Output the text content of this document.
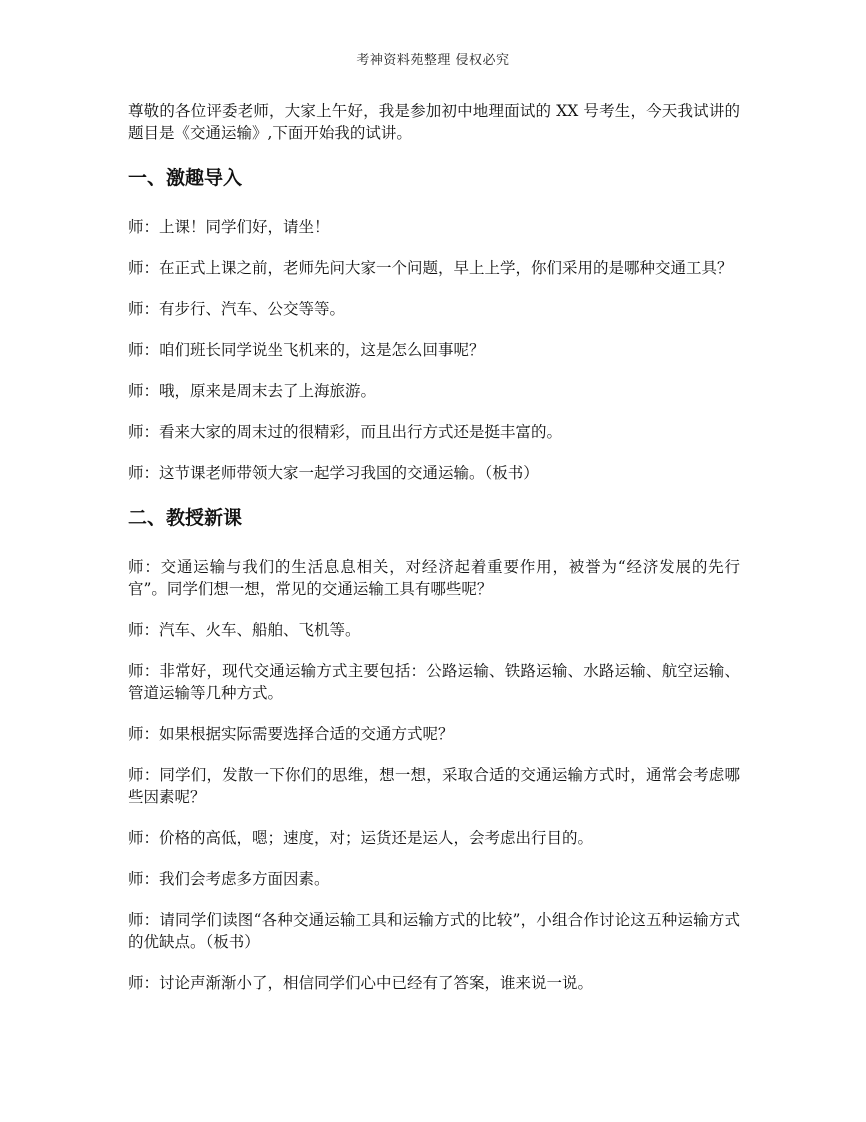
考神资料苑整理 侵权必究

尊敬的各位评委老师，大家上午好，我是参加初中地理面试的 XX 号考生，今天我试讲的题目是《交通运输》,下面开始我的试讲。

一、激趣导入

师：上课！同学们好，请坐！

师：在正式上课之前，老师先问大家一个问题，早上上学，你们采用的是哪种交通工具？

师：有步行、汽车、公交等等。

师：咱们班长同学说坐飞机来的，这是怎么回事呢？

师：哦，原来是周末去了上海旅游。

师：看来大家的周末过的很精彩，而且出行方式还是挺丰富的。

师：这节课老师带领大家一起学习我国的交通运输。（板书）

二、教授新课

师：交通运输与我们的生活息息相关，对经济起着重要作用，被誉为“经济发展的先行官”。同学们想一想，常见的交通运输工具有哪些呢？

师：汽车、火车、船舶、飞机等。

师：非常好，现代交通运输方式主要包括：公路运输、铁路运输、水路运输、航空运输、管道运输等几种方式。

师：如果根据实际需要选择合适的交通方式呢？

师：同学们，发散一下你们的思维，想一想，采取合适的交通运输方式时，通常会考虑哪些因素呢？

师：价格的高低，嗯；速度，对；运货还是运人，会考虑出行目的。

师：我们会考虑多方面因素。

师：请同学们读图“各种交通运输工具和运输方式的比较”，小组合作讨论这五种运输方式的优缺点。（板书）

师：讨论声渐渐小了，相信同学们心中已经有了答案，谁来说一说。
